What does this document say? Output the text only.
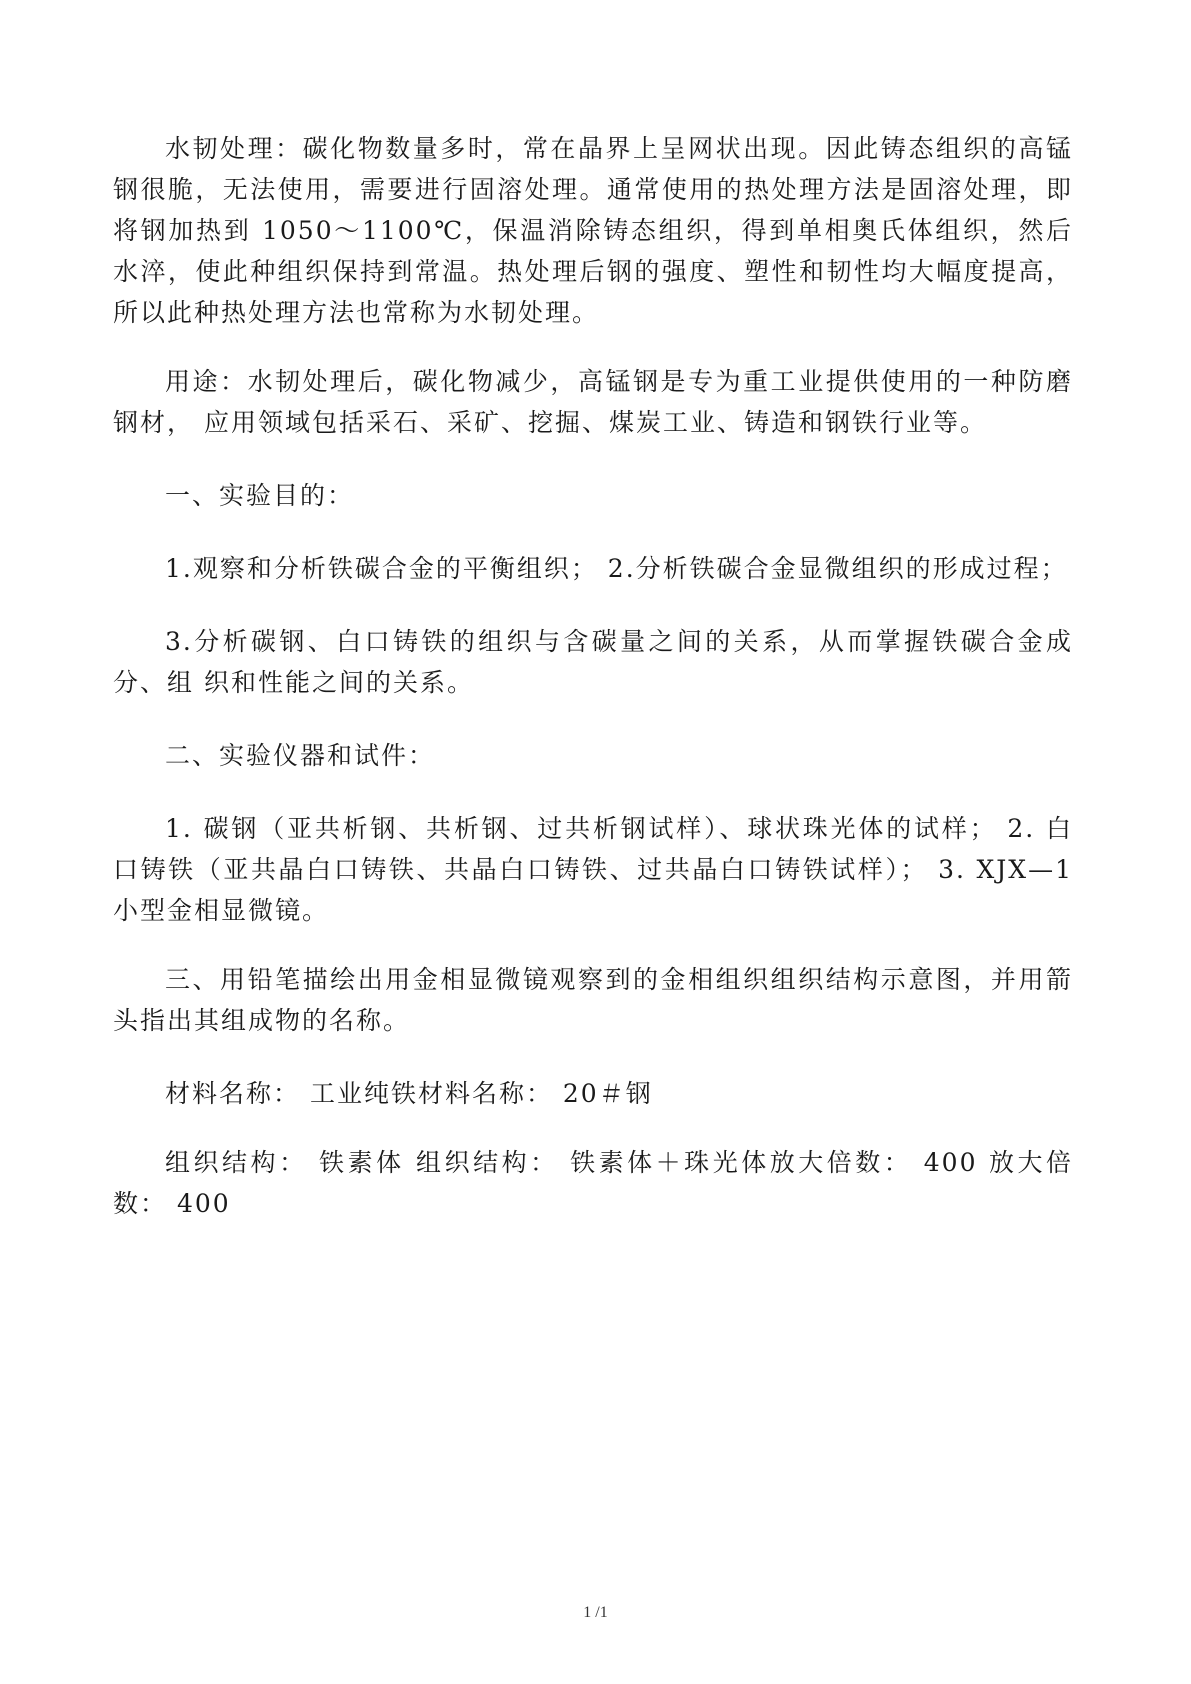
水韧处理：碳化物数量多时，常在晶界上呈网状出现。因此铸态组织的高锰钢很脆，无法使用，需要进行固溶处理。通常使用的热处理方法是固溶处理，即将钢加热到 1050～1100℃，保温消除铸态组织，得到单相奥氏体组织，然后水淬，使此种组织保持到常温。热处理后钢的强度、塑性和韧性均大幅度提高，所以此种热处理方法也常称为水韧处理。

用途：水韧处理后，碳化物减少，高锰钢是专为重工业提供使用的一种防磨钢材， 应用领域包括采石、采矿、挖掘、煤炭工业、铸造和钢铁行业等。

一、实验目的：

1.观察和分析铁碳合金的平衡组织； 2.分析铁碳合金显微组织的形成过程；

3.分析碳钢、白口铸铁的组织与含碳量之间的关系，从而掌握铁碳合金成分、组 织和性能之间的关系。

二、实验仪器和试件：

1. 碳钢（亚共析钢、共析钢、过共析钢试样）、球状珠光体的试样； 2. 白口铸铁（亚共晶白口铸铁、共晶白口铸铁、过共晶白口铸铁试样）； 3. XJX—1小型金相显微镜。

三、用铅笔描绘出用金相显微镜观察到的金相组织组织结构示意图，并用箭头指出其组成物的名称。

材料名称： 工业纯铁材料名称： 20＃钢

组织结构： 铁素体 组织结构： 铁素体＋珠光体放大倍数： 400 放大倍数： 400

1 /1
